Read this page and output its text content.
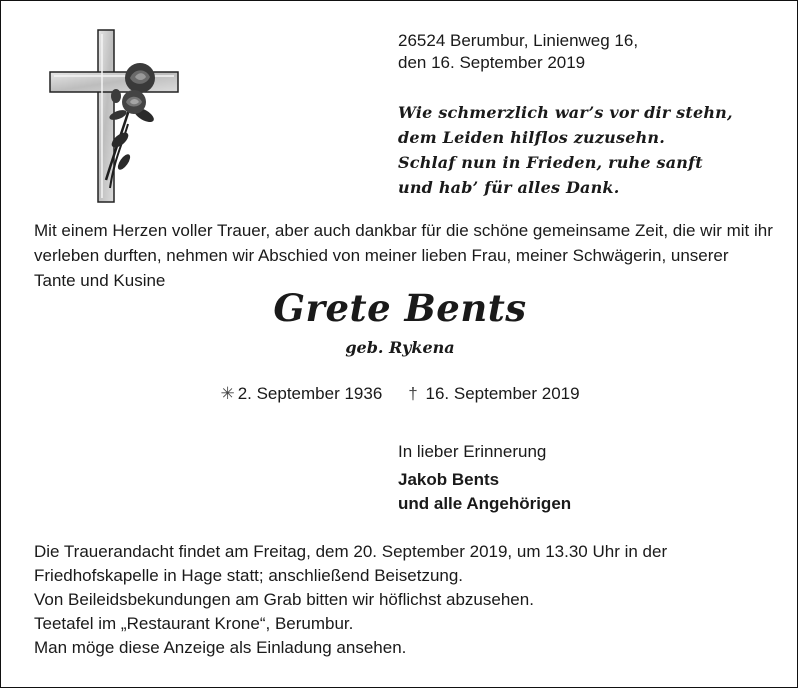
26524 Berumbur, Linienweg 16,
den 16. September 2019
Wie schmerzlich war’s vor dir stehn,
dem Leiden hilflos zuzusehn.
Schlaf nun in Frieden, ruhe sanft
und hab’ für alles Dank.
Mit einem Herzen voller Trauer, aber auch dankbar für die schöne gemeinsame Zeit, die wir mit ihr verleben durften, nehmen wir Abschied von meiner lieben Frau, meiner Schwägerin, unserer Tante und Kusine
Grete Bents
geb. Rykena
✳ 2. September 1936 † 16. September 2019
In lieber Erinnerung
Jakob Bents
und alle Angehörigen

Die Trauerandacht findet am Freitag, dem 20. September 2019, um 13.30 Uhr in der Friedhofskapelle in Hage statt; anschließend Beisetzung.

Von Beileidsbekundungen am Grab bitten wir höflichst abzusehen.

Teetafel im „Restaurant Krone“, Berumbur.

Man möge diese Anzeige als Einladung ansehen.
